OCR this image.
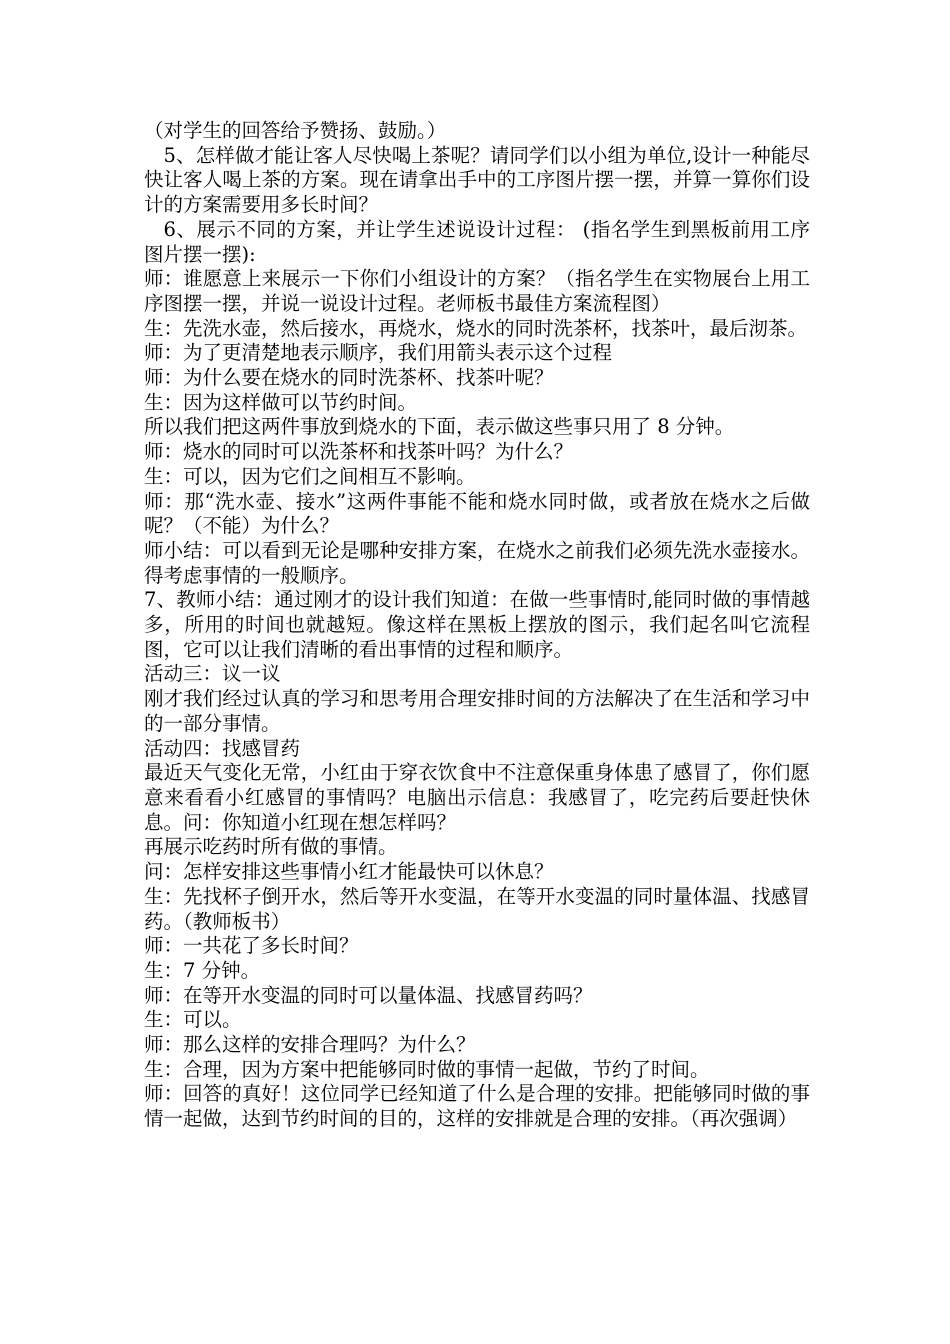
（对学生的回答给予赞扬、鼓励。）

5、怎样做才能让客人尽快喝上茶呢？请同学们以小组为单位,设计一种能尽快让客人喝上茶的方案。现在请拿出手中的工序图片摆一摆，并算一算你们设计的方案需要用多长时间？

6、展示不同的方案，并让学生述说设计过程： (指名学生到黑板前用工序图片摆一摆):

师：谁愿意上来展示一下你们小组设计的方案？（指名学生在实物展台上用工序图摆一摆，并说一说设计过程。老师板书最佳方案流程图）

生：先洗水壶，然后接水，再烧水，烧水的同时洗茶杯，找茶叶，最后沏茶。

师：为了更清楚地表示顺序，我们用箭头表示这个过程

师：为什么要在烧水的同时洗茶杯、找茶叶呢？

生：因为这样做可以节约时间。

所以我们把这两件事放到烧水的下面，表示做这些事只用了 8 分钟。

师：烧水的同时可以洗茶杯和找茶叶吗？为什么？

生：可以，因为它们之间相互不影响。

师：那“洗水壶、接水”这两件事能不能和烧水同时做，或者放在烧水之后做呢？（不能）为什么？

师小结：可以看到无论是哪种安排方案，在烧水之前我们必须先洗水壶接水。得考虑事情的一般顺序。

7、教师小结：通过刚才的设计我们知道：在做一些事情时,能同时做的事情越多，所用的时间也就越短。像这样在黑板上摆放的图示，我们起名叫它流程图，它可以让我们清晰的看出事情的过程和顺序。

活动三：议一议

刚才我们经过认真的学习和思考用合理安排时间的方法解决了在生活和学习中的一部分事情。

活动四：找感冒药

最近天气变化无常，小红由于穿衣饮食中不注意保重身体患了感冒了，你们愿意来看看小红感冒的事情吗？电脑出示信息：我感冒了，吃完药后要赶快休息。问：你知道小红现在想怎样吗？

再展示吃药时所有做的事情。

问：怎样安排这些事情小红才能最快可以休息？

生：先找杯子倒开水，然后等开水变温，在等开水变温的同时量体温、找感冒药。（教师板书）

师：一共花了多长时间？

生：7 分钟。

师：在等开水变温的同时可以量体温、找感冒药吗？

生：可以。

师：那么这样的安排合理吗？为什么？

生：合理，因为方案中把能够同时做的事情一起做，节约了时间。

师：回答的真好！这位同学已经知道了什么是合理的安排。把能够同时做的事情一起做，达到节约时间的目的，这样的安排就是合理的安排。（再次强调）
